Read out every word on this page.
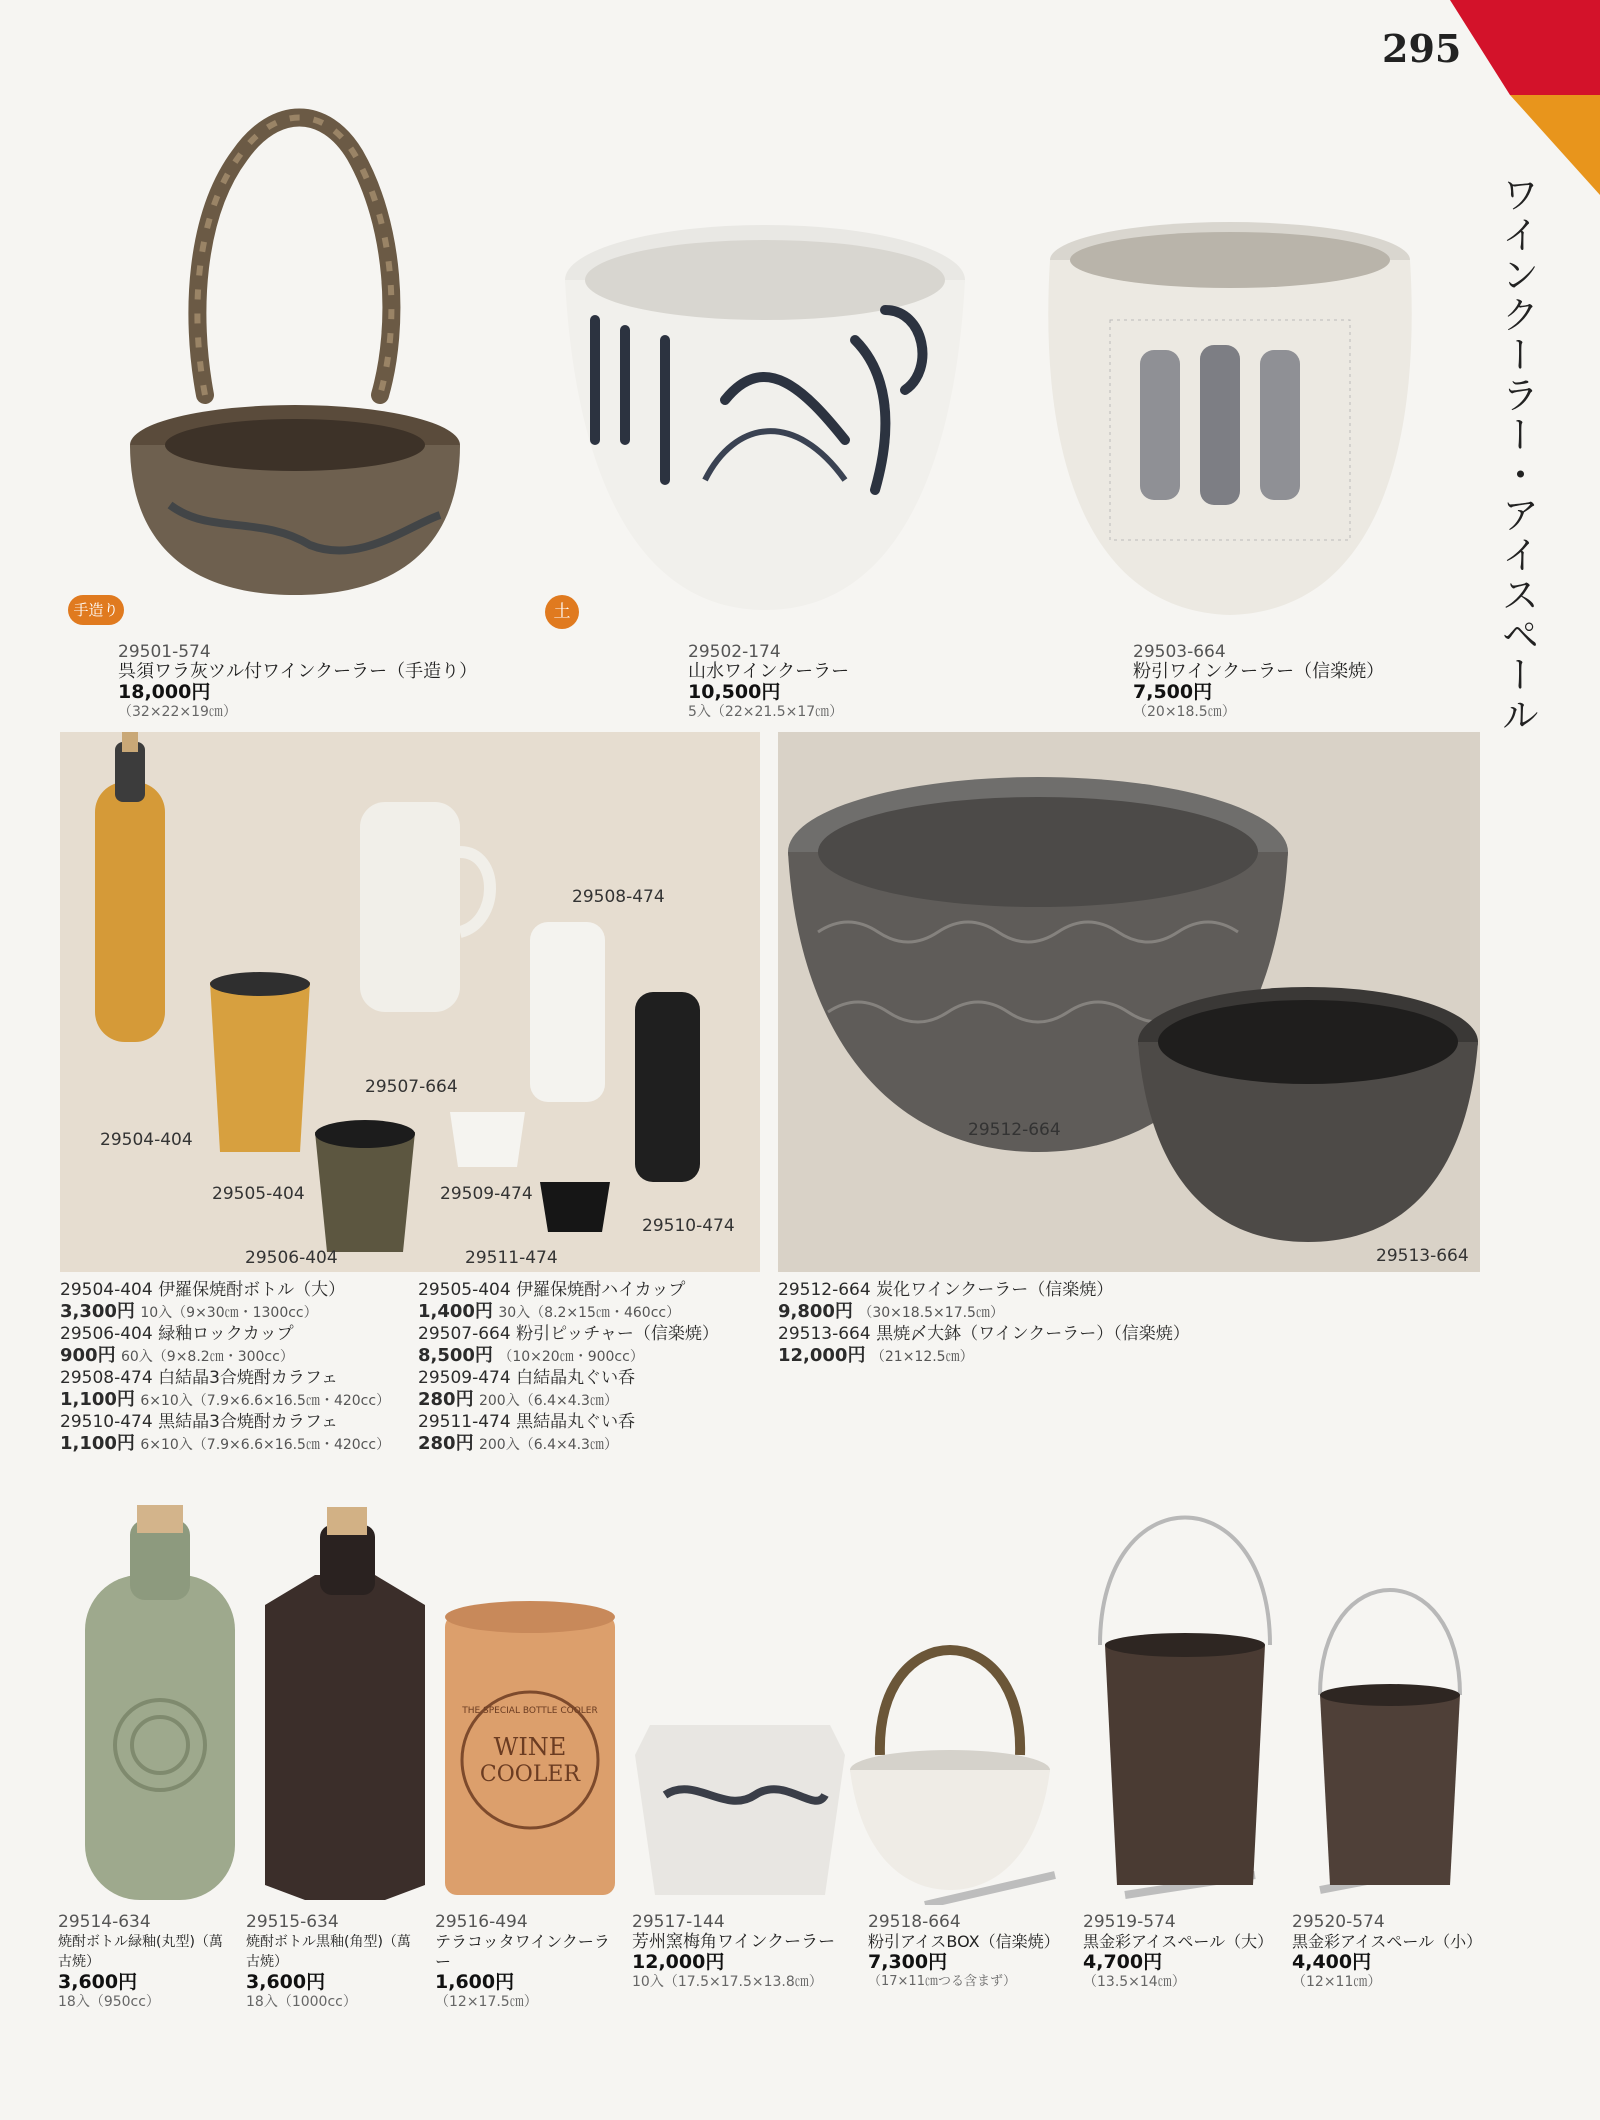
295
ワインクーラー・アイスペール
手造り	土
29501-574
呉須ワラ灰ツル付ワインクーラー（手造り）
18,000円
（32×22×19㎝）
29502-174
山水ワインクーラー
10,500円
5入（22×21.5×17㎝）
29503-664
粉引ワインクーラー（信楽焼）
7,500円
（20×18.5㎝）
29504-404
29505-404
29506-404
29507-664
29508-474
29509-474
29510-474
29511-474
29512-664
29513-664
29504-404 伊羅保焼酎ボトル（大）
3,300円 10入（9×30㎝・1300cc）
29506-404 緑釉ロックカップ
900円 60入（9×8.2㎝・300cc）
29508-474 白結晶3合焼酎カラフェ
1,100円 6×10入（7.9×6.6×16.5㎝・420cc）
29510-474 黒結晶3合焼酎カラフェ
1,100円 6×10入（7.9×6.6×16.5㎝・420cc）
29505-404 伊羅保焼酎ハイカップ
1,400円 30入（8.2×15㎝・460cc）
29507-664 粉引ピッチャー（信楽焼）
8,500円 （10×20㎝・900cc）
29509-474 白結晶丸ぐい呑
280円 200入（6.4×4.3㎝）
29511-474 黒結晶丸ぐい呑
280円 200入（6.4×4.3㎝）
29512-664 炭化ワインクーラー（信楽焼）
9,800円 （30×18.5×17.5㎝）
29513-664 黒焼〆大鉢（ワインクーラー）（信楽焼）
12,000円 （21×12.5㎝）
WINE
COOLER
THE SPECIAL BOTTLE COOLER
29514-634
焼酎ボトル緑釉(丸型)（萬古焼）
3,600円
18入（950cc）
29515-634
焼酎ボトル黒釉(角型)（萬古焼）
3,600円
18入（1000cc）
29516-494
テラコッタワインクーラー
1,600円
（12×17.5㎝）
29517-144
芳州窯梅角ワインクーラー
12,000円
10入（17.5×17.5×13.8㎝）
29518-664
粉引アイスBOX（信楽焼）
7,300円
（17×11㎝つる含まず）
29519-574
黒金彩アイスペール（大）
4,700円
（13.5×14㎝）
29520-574
黒金彩アイスペール（小）
4,400円
（12×11㎝）
